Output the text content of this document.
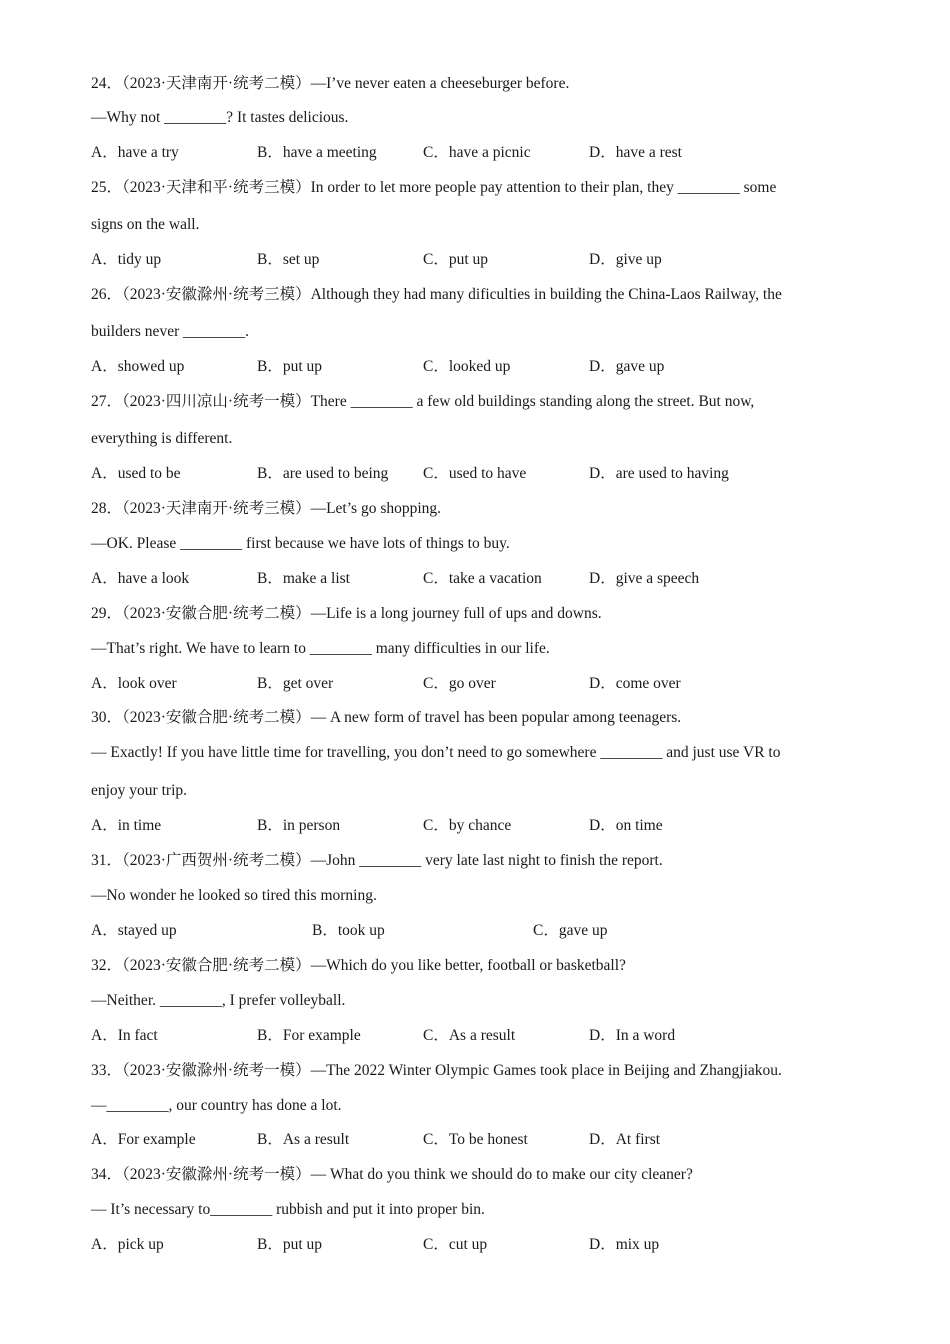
24．（2023·天津南开·统考二模）—I’ve never eaten a cheeseburger before.
—Why not ________? It tastes delicious.
A．have a try	B．have a meeting	C．have a picnic	D．have a rest
25．（2023·天津和平·统考三模）In order to let more people pay attention to their plan, they ________ some
signs on the wall.
A．tidy up	B．set up	C．put up	D．give up
26．（2023·安徽滁州·统考三模）Although they had many dificulties in building the China-Laos Railway, the
builders never ________.
A．showed up	B．put up	C．looked up	D．gave up
27．（2023·四川凉山·统考一模）There ________ a few old buildings standing along the street. But now,
everything is different.
A．used to be	B．are used to being C．used to have	D．are used to having
28．（2023·天津南开·统考三模）—Let’s go shopping.
—OK. Please ________ first because we have lots of things to buy.
A．have a look	B．make a list	C．take a vacation	D．give a speech
29．（2023·安徽合肥·统考二模）—Life is a long journey full of ups and downs.
—That’s right. We have to learn to ________ many difficulties in our life.
A．look over	B．get over	C．go over	D．come over
30．（2023·安徽合肥·统考二模）— A new form of travel has been popular among teenagers.
— Exactly! If you have little time for travelling, you don’t need to go somewhere ________ and just use VR to
enjoy your trip.
A．in time	B．in person	C．by chance	D．on time
31．（2023·广西贺州·统考二模）—John ________ very late last night to finish the report.
—No wonder he looked so tired this morning.
A．stayed up	B．took up	C．gave up
32．（2023·安徽合肥·统考二模）—Which do you like better, football or basketball?
—Neither. ________, I prefer volleyball.
A．In fact	B．For example	C．As a result	D．In a word
33．（2023·安徽滁州·统考一模）—The 2022 Winter Olympic Games took place in Beijing and Zhangjiakou.
—________, our country has done a lot.
A．For example	B．As a result	C．To be honest	D．At first
34．（2023·安徽滁州·统考一模）— What do you think we should do to make our city cleaner?
— It’s necessary to________ rubbish and put it into proper bin.
A．pick up	B．put up	C．cut up	D．mix up
